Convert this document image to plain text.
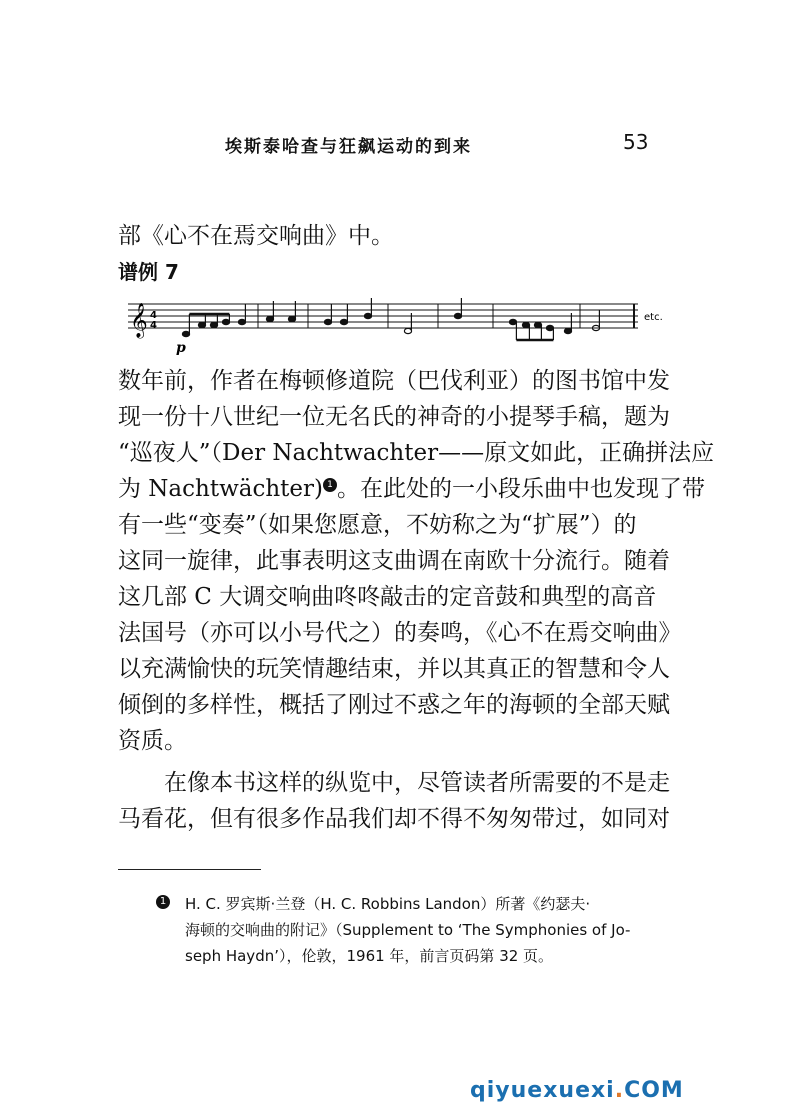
埃斯泰哈查与狂飙运动的到来	53
部《心不在焉交响曲》中。
谱例 7
𝄞 4
4
p
etc.
数年前，作者在梅顿修道院（巴伐利亚）的图书馆中发
现一份十八世纪一位无名氏的神奇的小提琴手稿，题为
“巡夜人”（Der Nachtwachter——原文如此，正确拼法应
为 Nachtwächter) 1 。在此处的一小段乐曲中也发现了带
有一些“变奏”（如果您愿意，不妨称之为“扩展”）的
这同一旋律，此事表明这支曲调在南欧十分流行。随着
这几部 C 大调交响曲咚咚敲击的定音鼓和典型的高音
法国号（亦可以小号代之）的奏鸣，《心不在焉交响曲》
以充满愉快的玩笑情趣结束，并以其真正的智慧和令人
倾倒的多样性，概括了刚过不惑之年的海顿的全部天赋
资质。
在像本书这样的纵览中，尽管读者所需要的不是走
马看花，但有很多作品我们却不得不匆匆带过，如同对
1 H. C. 罗宾斯·兰登（H. C. Robbins Landon）所著《约瑟夫·
海顿的交响曲的附记》（Supplement to ‘The Symphonies of Jo-
seph Haydn’），伦敦，1961 年，前言页码第 32 页。
qiyuexuexi.COM
